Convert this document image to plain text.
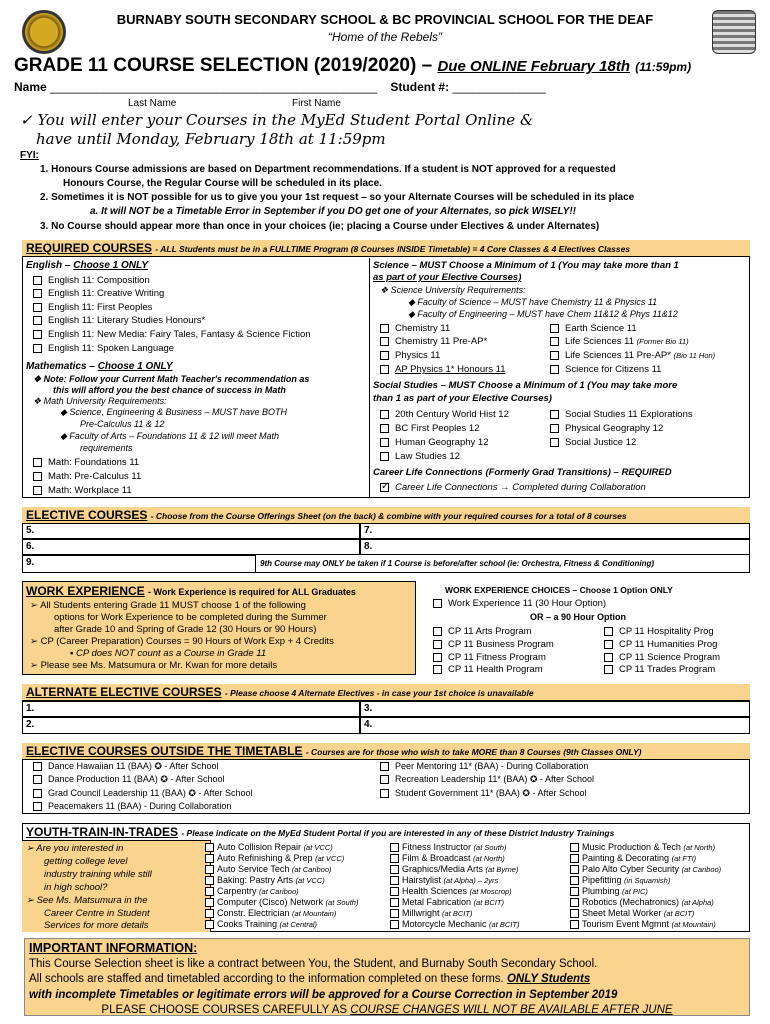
BURNABY SOUTH SECONDARY SCHOOL & BC PROVINCIAL SCHOOL FOR THE DEAF
“Home of the Rebels”
GRADE 11 COURSE SELECTION (2019/2020) – Due ONLINE February 18th (11:59pm)
Name _________________________________________________ Student #: ______________
Last Name	First Name
✓ You will enter your Courses in the MyEd Student Portal Online &
have until Monday, February 18th at 11:59pm
FYI:
1. Honours Course admissions are based on Department recommendations. If a student is NOT approved for a requested
Honours Course, the Regular Course will be scheduled in its place.
2. Sometimes it is NOT possible for us to give you your 1st request – so your Alternate Courses will be scheduled in its place
a. It will NOT be a Timetable Error in September if you DO get one of your Alternates, so pick WISELY!!
3. No Course should appear more than once in your choices (ie; placing a Course under Electives & under Alternates)
REQUIRED COURSES - ALL Students must be in a FULLTIME Program (8 Courses INSIDE Timetable) = 4 Core Classes & 4 Electives Classes
English – Choose 1 ONLY
English 11: Composition
English 11: Creative Writing
English 11: First Peoples
English 11: Literary Studies Honours*
English 11: New Media: Fairy Tales, Fantasy & Science Fiction
English 11: Spoken Language
Mathematics – Choose 1 ONLY
❖ Note: Follow your Current Math Teacher's recommendation as
this will afford you the best chance of success in Math
❖ Math University Requirements:
◆ Science, Engineering & Business – MUST have BOTH
Pre-Calculus 11 & 12
◆ Faculty of Arts – Foundations 11 & 12 will meet Math
requirements
Math: Foundations 11
Math: Pre-Calculus 11
Math: Workplace 11
Science – MUST Choose a Minimum of 1 (You may take more than 1
as part of your Elective Courses)
❖ Science University Requirements:
◆ Faculty of Science – MUST have Chemistry 11 & Physics 11
◆ Faculty of Engineering – MUST have Chem 11&12 & Phys 11&12
Chemistry 11
Chemistry 11 Pre-AP*
Physics 11
AP Physics 1* Honours 11
Earth Science 11
Life Sciences 11 (Former Bio 11)
Life Sciences 11 Pre-AP* (Bio 11 Hon)
Science for Citizens 11
Social Studies – MUST Choose a Minimum of 1 (You may take more
than 1 as part of your Elective Courses)
20th Century World Hist 12
BC First Peoples 12
Human Geography 12
Law Studies 12
Social Studies 11 Explorations
Physical Geography 12
Social Justice 12
Career Life Connections (Formerly Grad Transitions) – REQUIRED
✓Career Life Connections → Completed during Collaboration
ELECTIVE COURSES - Choose from the Course Offerings Sheet (on the back) & combine with your required courses for a total of 8 courses
5.
6.
7.
8.
9.	9th Course may ONLY be taken if 1 Course is before/after school (ie: Orchestra, Fitness & Conditioning)
WORK EXPERIENCE - Work Experience is required for ALL Graduates
➢ All Students entering Grade 11 MUST choose 1 of the following
options for Work Experience to be completed during the Summer
after Grade 10 and Spring of Grade 12 (30 Hours or 90 Hours)
➢ CP (Career Preparation) Courses = 90 Hours of Work Exp + 4 Credits
▪ CP does NOT count as a Course in Grade 11
➢ Please see Ms. Matsumura or Mr. Kwan for more details
WORK EXPERIENCE CHOICES – Choose 1 Option ONLY
Work Experience 11 (30 Hour Option)
OR – a 90 Hour Option
CP 11 Arts Program
CP 11 Business Program
CP 11 Fitness Program
CP 11 Health Program
CP 11 Hospitality Prog
CP 11 Humanities Prog
CP 11 Science Program
CP 11 Trades Program
ALTERNATE ELECTIVE COURSES - Please choose 4 Alternate Electives - in case your 1st choice is unavailable
1.
2.
3.
4.
ELECTIVE COURSES OUTSIDE THE TIMETABLE - Courses are for those who wish to take MORE than 8 Courses (9th Classes ONLY)
Dance Hawaiian 11 (BAA) ✪ - After School
Dance Production 11 (BAA) ✪ - After School
Grad Council Leadership 11 (BAA) ✪ - After School
Peacemakers 11 (BAA) - During Collaboration
Peer Mentoring 11* (BAA) - During Collaboration
Recreation Leadership 11* (BAA) ✪ - After School
Student Government 11* (BAA) ✪ - After School
YOUTH-TRAIN-IN-TRADES - Please indicate on the MyEd Student Portal if you are interested in any of these District Industry Trainings
➢ Are you interested in
getting college level
industry training while still
in high school?
➢ See Ms. Matsumura in the
Career Centre in Student
Services for more details
Auto Collision Repair (at VCC)
Auto Refinishing & Prep (at VCC)
Auto Service Tech (at Cariboo)
Baking: Pastry Arts (at VCC)
Carpentry (at Cariboo)
Computer (Cisco) Network (at South)
Constr. Electrician (at Mountain)
Cooks Training (at Central)
Fitness Instructor (at South)
Film & Broadcast (at North)
Graphics/Media Arts (at Byrne)
Hairstylist (at Alpha) – 2yrs
Health Sciences (at Moscrop)
Metal Fabrication (at BCIT)
Millwright (at BCIT)
Motorcycle Mechanic (at BCIT)
Music Production & Tech (at North)
Painting & Decorating (at FTI)
Palo Alto Cyber Security (at Cariboo)
Pipefitting (in Squamish)
Plumbing (at PIC)
Robotics (Mechatronics) (at Alpha)
Sheet Metal Worker (at BCIT)
Tourism Event Mgmnt (at Mountain)
IMPORTANT INFORMATION:
This Course Selection sheet is like a contract between You, the Student, and Burnaby South Secondary School.
All schools are staffed and timetabled according to the information completed on these forms. ONLY Students
with incomplete Timetables or legitimate errors will be approved for a Course Correction in September 2019
PLEASE CHOOSE COURSES CAREFULLY AS COURSE CHANGES WILL NOT BE AVAILABLE AFTER JUNE
